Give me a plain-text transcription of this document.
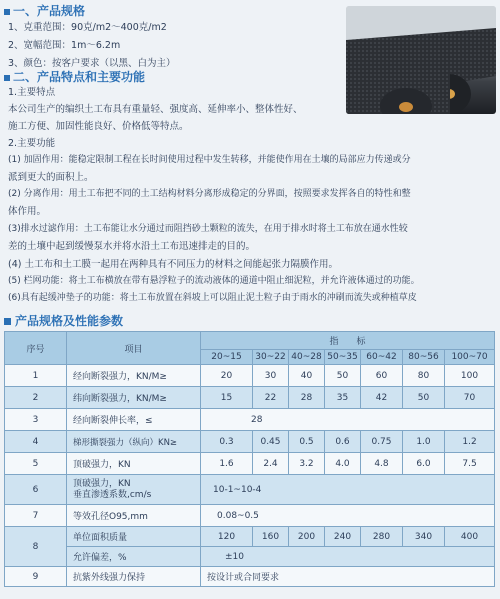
一、产品规格
1、克重范围：90克/m2～400克/m2
2、宽幅范围：1m～6.2m
3、颜色：按客户要求（以黑、白为主）
二、产品特点和主要功能
1.主要特点
本公司生产的编织土工布具有重量轻、强度高、延伸率小、整体性好、
施工方便、加固性能良好、价格低等特点。
2.主要功能
(1) 加固作用：能稳定限制工程在长时间使用过程中发生转移，并能使作用在土壤的局部应力传递或分
派到更大的面积上。
(2) 分离作用：用土工布把不同的土工结构材料分离形成稳定的分界面，按照要求发挥各自的特性和整
体作用。
(3)排水过滤作用：土工布能让水分通过而阻挡砂土颗粒的流失，在用于排水时将土工布放在通水性较
差的土壤中起到缓慢泵水并将水沿土工布迅速排走的目的。
(4) 土工布和土工膜一起用在两种具有不同压力的材料之间能起张力隔膜作用。
(5) 栏网功能：将土工布横放在带有悬浮粒子的流动液体的通道中阻止细泥粒，并允许液体通过的功能。
(6)具有起缓冲垫子的功能：将土工布放置在斜坡上可以阻止泥土粒子由于雨水的冲刷而流失或种植草皮
产品规格及性能参数
序号	项目	指　　标						
		20~15	30~22	40~28	50~35	60~42	80~56	100~70
1	经向断裂强力，KN/M≥	20	30	40	50	60	80	100
2	纬向断裂强力，KN/M≥	15	22	28	35	42	50	70
3	经向断裂伸长率，≤	28						
4	梯形撕裂强力（纵向）KN≥	0.3	0.45	0.5	0.6	0.75	1.0	1.2
5	顶破强力，KN	1.6	2.4	3.2	4.0	4.8	6.0	7.5
6	顶破强力，KN
垂直渗透系数,cm/s	10-1~10-4						
7	等效孔径O95,mm	0.08~0.5						
8	单位面积质量	120	160	200	240	280	340	400
	允许偏差，%	±10						
9	抗紫外线强力保持	按设计或合同要求						
